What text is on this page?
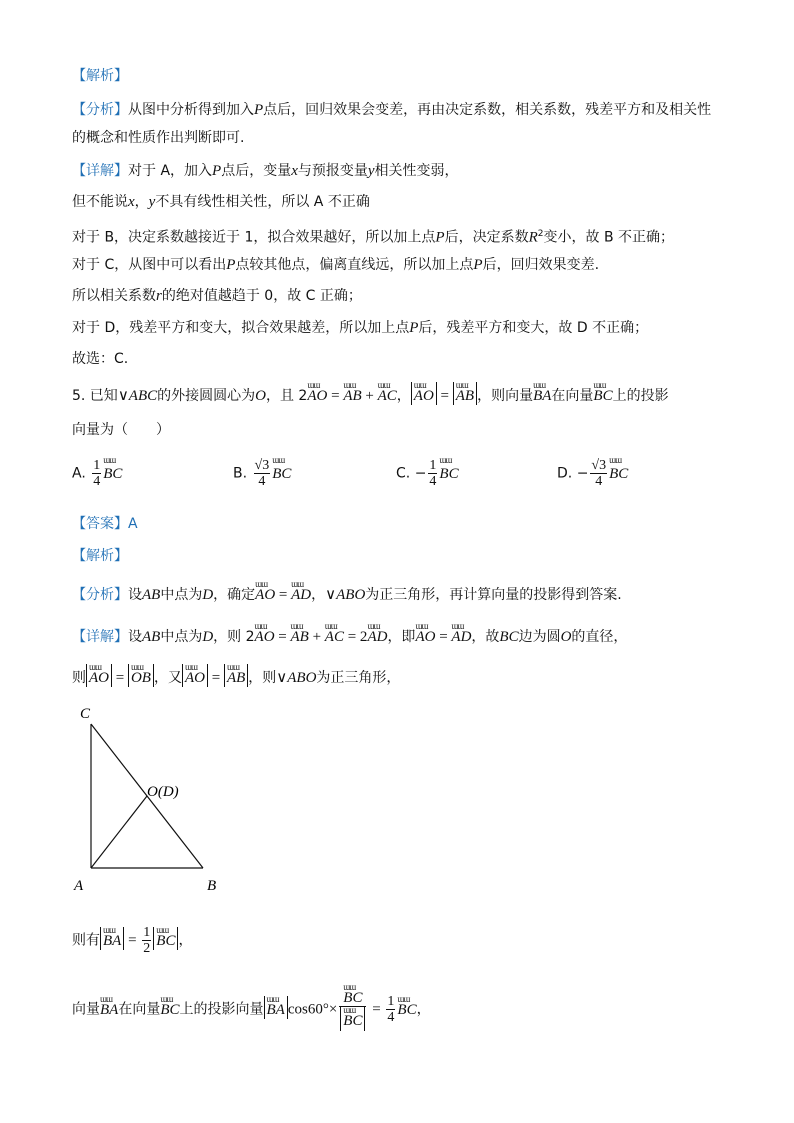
【解析】
【分析】从图中分析得到加入P点后，回归效果会变差，再由决定系数，相关系数，残差平方和及相关性
的概念和性质作出判断即可.
【详解】对于 A，加入P点后，变量x与预报变量y相关性变弱，
但不能说x，y不具有线性相关性，所以 A 不正确
对于 B，决定系数越接近于 1，拟合效果越好，所以加上点P后，决定系数$R^2$变小，故 B 不正确；
对于 C，从图中可以看出P点较其他点，偏离直线远，所以加上点P后，回归效果变差.
所以相关系数r的绝对值越趋于 0，故 C 正确；
对于 D，残差平方和变大，拟合效果越差，所以加上点P后，残差平方和变大，故 D 不正确；
故选：C.
5. 已知∨ABC的外接圆圆心为O，且 2ɯɯ AO = ɯɯ AB + ɯɯ AC， ɯɯ AO = ɯɯ AB ，则向量ɯɯ BA在向量ɯɯ BC上的投影
向量为（　　）
A. $\frac{1}{4}$ ɯɯ BC	B. $\frac{√3}{4}$ ɯɯ BC	C. − $\frac{1}{4}$ ɯɯ BC	D. − $\frac{√3}{4}$ ɯɯ BC
【答案】A
【解析】
【分析】设AB中点为D，确定ɯɯ AO = ɯɯ AD，∨ABO为正三角形，再计算向量的投影得到答案.
【详解】设AB中点为D，则 2ɯɯ AO = ɯɯ AB + ɯɯ AC = 2ɯɯ AD，即ɯɯ AO = ɯɯ AD，故BC边为圆O的直径，
则 ɯɯ AO = ɯɯ OB ，又 ɯɯ AO = ɯɯ AB ，则∨ABO为正三角形，
C
A	B
O(D)
则有 ɯɯ BA = $\frac{1}{2}$ ɯɯ BC ，
向量ɯɯ BA在向量ɯɯ BC上的投影向量 ɯɯ BA cos60°× ɯɯ BC
ɯɯ BC = $\frac{1}{4}$ ɯɯ BC，
